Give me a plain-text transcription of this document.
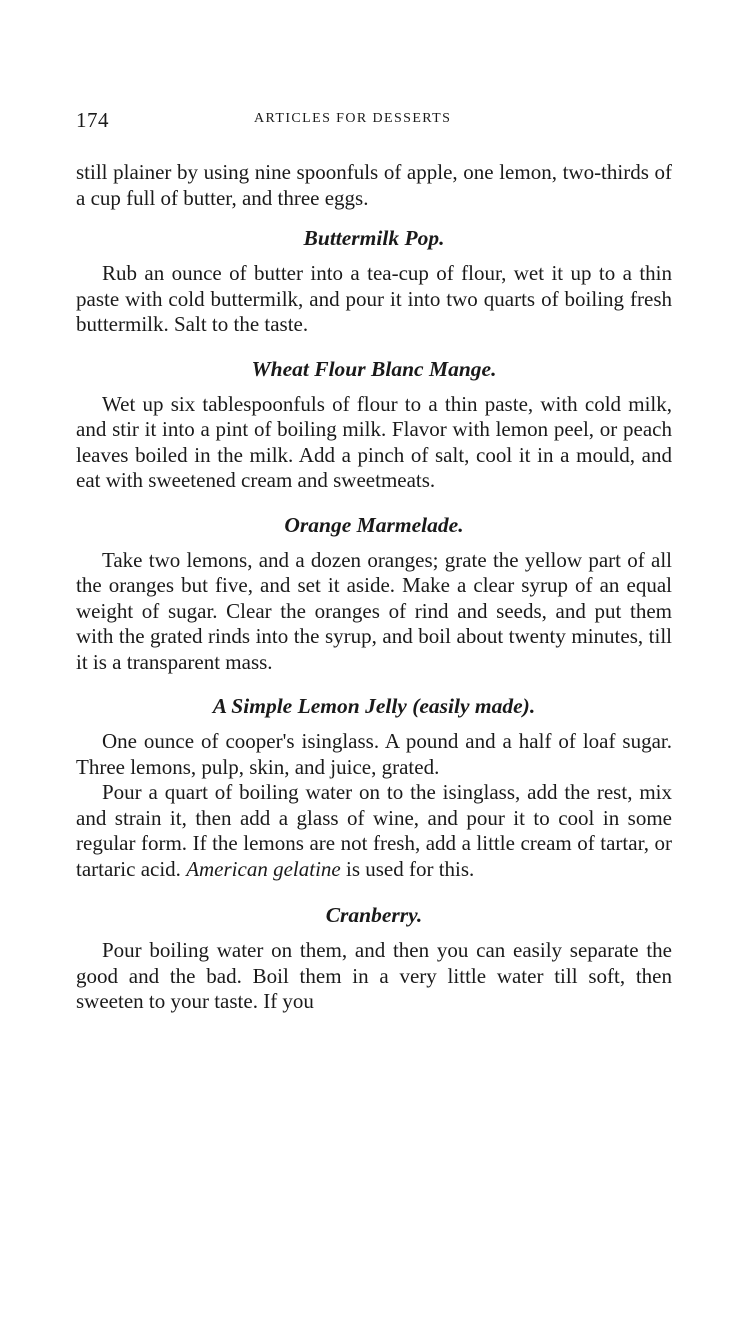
174	ARTICLES FOR DESSERTS

still plainer by using nine spoonfuls of apple, one lemon, two-thirds of a cup full of butter, and three eggs.

Buttermilk Pop.

Rub an ounce of butter into a tea-cup of flour, wet it up to a thin paste with cold buttermilk, and pour it into two quarts of boiling fresh buttermilk. Salt to the taste.

Wheat Flour Blanc Mange.

Wet up six tablespoonfuls of flour to a thin paste, with cold milk, and stir it into a pint of boiling milk. Flavor with lemon peel, or peach leaves boiled in the milk. Add a pinch of salt, cool it in a mould, and eat with sweetened cream and sweetmeats.

Orange Marmelade.

Take two lemons, and a dozen oranges; grate the yellow part of all the oranges but five, and set it aside. Make a clear syrup of an equal weight of sugar. Clear the oranges of rind and seeds, and put them with the grated rinds into the syrup, and boil about twenty minutes, till it is a transparent mass.

A Simple Lemon Jelly (easily made).

One ounce of cooper's isinglass. A pound and a half of loaf sugar. Three lemons, pulp, skin, and juice, grated.

Pour a quart of boiling water on to the isinglass, add the rest, mix and strain it, then add a glass of wine, and pour it to cool in some regular form. If the lemons are not fresh, add a little cream of tartar, or tartaric acid. American gelatine is used for this.

Cranberry.

Pour boiling water on them, and then you can easily separate the good and the bad. Boil them in a very little water till soft, then sweeten to your taste. If you
